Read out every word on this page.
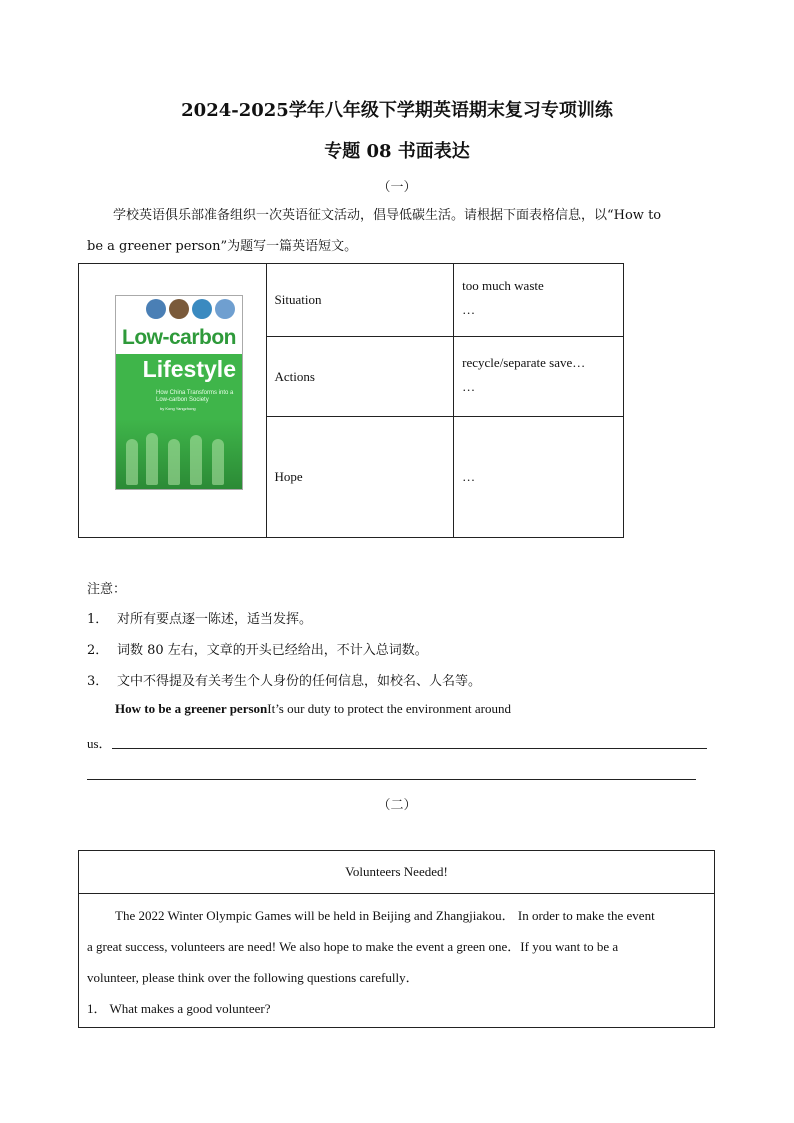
2024-2025学年八年级下学期英语期末复习专项训练
专题 08 书面表达
（一）
学校英语俱乐部准备组织一次英语征文活动，倡导低碳生活。请根据下面表格信息，以“How to
be a greener person”为题写一篇英语短文。
	Situation	too much waste
…

	Actions	recycle/separate save…
…

	Hope	…
Low-carbon
Lifestyle
How China Transforms into a Low-carbon Society
by Kong Yangzhong
注意：
1． 对所有要点逐一陈述，适当发挥。
2． 词数 80 左右，文章的开头已经给出，不计入总词数。
3． 文中不得提及有关考生个人身份的任何信息，如校名、人名等。
How to be a greener personIt’s our duty to protect the environment around
us．
（二）
Volunteers Needed!
The 2022 Winter Olympic Games will be held in Beijing and Zhangjiakou． In order to make the event
a great success, volunteers are need! We also hope to make the event a green one．If you want to be a
volunteer, please think over the following questions carefully．
1． What makes a good volunteer?
